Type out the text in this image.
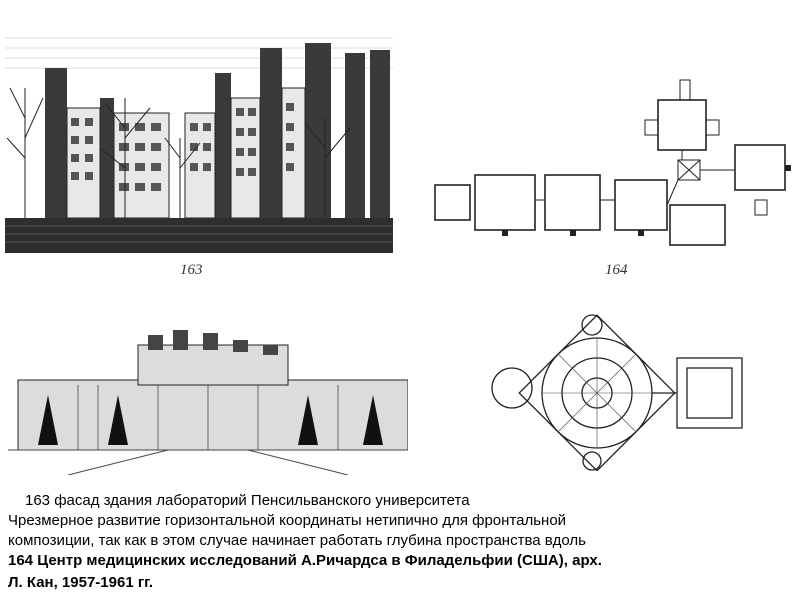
163	164
163 фасад здания лабораторий Пенсильванского университета
Чрезмерное развитие горизонтальной координаты нетипично для фронтальной
композиции, так как в этом случае начинает работать глубина пространства вдоль
164 Центр медицинских исследований А.Ричардса в Филадельфии (США), арх.
Л. Кан, 1957-1961 гг.
